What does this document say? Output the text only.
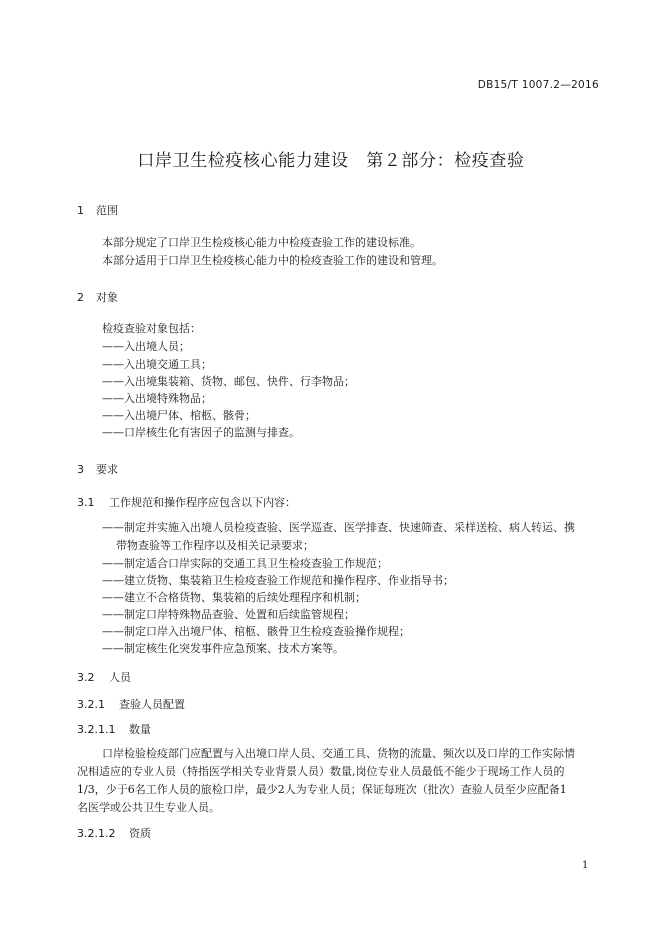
DB15/T 1007.2—2016
口岸卫生检疫核心能力建设　第２部分：检疫查验
1 范围
本部分规定了口岸卫生检疫核心能力中检疫查验工作的建设标准。
本部分适用于口岸卫生检疫核心能力中的检疫查验工作的建设和管理。
2 对象
检疫查验对象包括：
——入出境人员；
——入出境交通工具；
——入出境集装箱、货物、邮包、快件、行李物品；
——入出境特殊物品；
——入出境尸体、棺柩、骸骨；
——口岸核生化有害因子的监测与排查。
3 要求
3.1 工作规范和操作程序应包含以下内容：
——制定并实施入出境人员检疫查验、医学巡查、医学排查、快速筛查、采样送检、病人转运、携
带物查验等工作程序以及相关记录要求；
——制定适合口岸实际的交通工具卫生检疫查验工作规范；
——建立货物、集装箱卫生检疫查验工作规范和操作程序、作业指导书；
——建立不合格货物、集装箱的后续处理程序和机制；
——制定口岸特殊物品查验、处置和后续监管规程；
——制定口岸入出境尸体、棺柩、骸骨卫生检疫查验操作规程；
——制定核生化突发事件应急预案、技术方案等。
3.2 人员
3.2.1 查验人员配置
3.2.1.1 数量
口岸检验检疫部门应配置与入出境口岸人员、交通工具、货物的流量、频次以及口岸的工作实际情
况相适应的专业人员（特指医学相关专业背景人员）数量,岗位专业人员最低不能少于现场工作人员的
1/3，少于6名工作人员的旅检口岸，最少2人为专业人员；保证每班次（批次）查验人员至少应配备1
名医学或公共卫生专业人员。
3.2.1.2 资质
1
